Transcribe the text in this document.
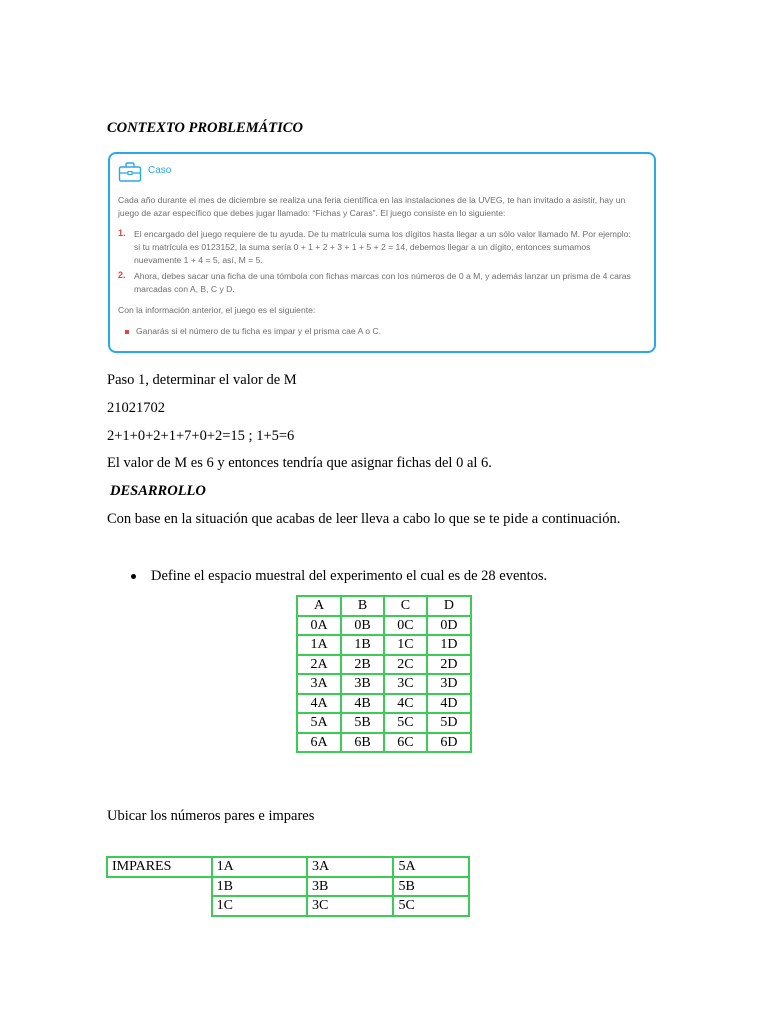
CONTEXTO PROBLEMÁTICO
Caso
Cada año durante el mes de diciembre se realiza una feria científica en las instalaciones de la UVEG, te han invitado a asistir, hay un
juego de azar específico que debes jugar llamado: “Fichas y Caras”. El juego consiste en lo siguiente:
1. El encargado del juego requiere de tu ayuda. De tu matrícula suma los dígitos hasta llegar a un sólo valor llamado M. Por ejemplo:
si tu matrícula es 0123152, la suma sería 0 + 1 + 2 + 3 + 1 + 5 + 2 = 14, debemos llegar a un dígito, entonces sumamos
nuevamente 1 + 4 = 5, así, M = 5.
2. Ahora, debes sacar una ficha de una tómbola con fichas marcas con los números de 0 a M, y además lanzar un prisma de 4 caras
marcadas con A, B, C y D.
Con la información anterior, el juego es el siguiente:
Ganarás si el número de tu ficha es impar y el prisma cae A o C.
Paso 1, determinar el valor de M
21021702
2+1+0+2+1+7+0+2=15 ; 1+5=6
El valor de M es 6 y entonces tendría que asignar fichas del 0 al 6.
DESARROLLO
Con base en la situación que acabas de leer lleva a cabo lo que se te pide a continuación.
Define el espacio muestral del experimento el cual es de 28 eventos.
A	B	C	D
0A	0B	0C	0D
1A	1B	1C	1D
2A	2B	2C	2D
3A	3B	3C	3D
4A	4B	4C	4D
5A	5B	5C	5D
6A	6B	6C	6D
Ubicar los números pares e impares
IMPARES	1A	3A	5A
	1B	3B	5B
	1C	3C	5C
